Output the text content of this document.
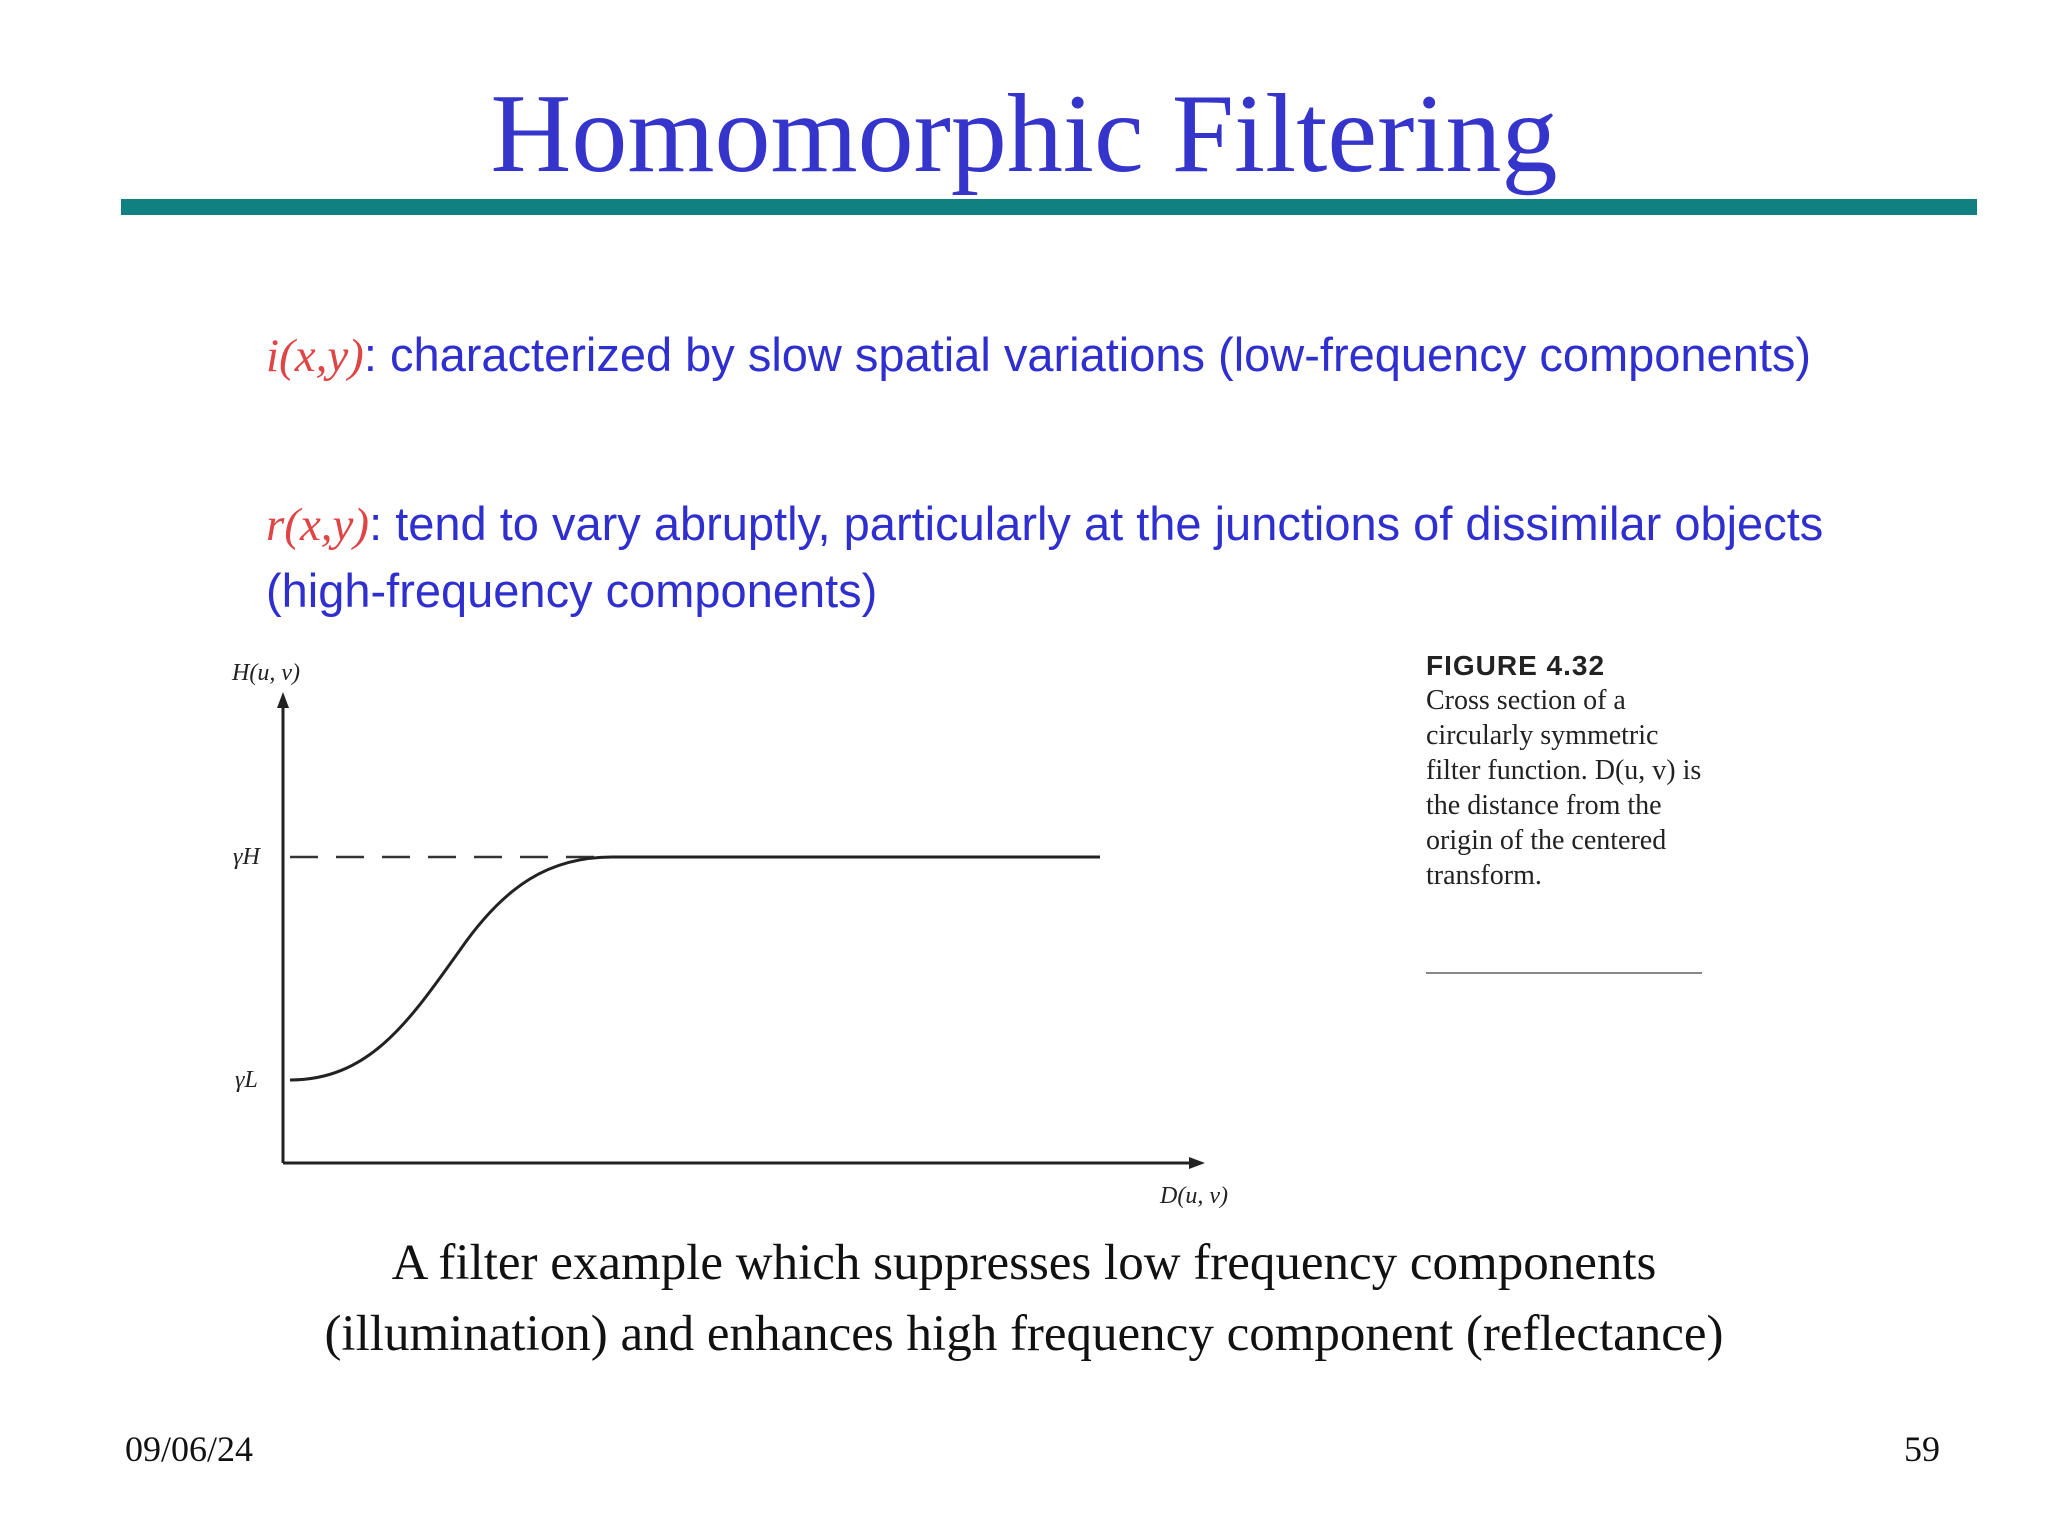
Homomorphic Filtering
i(x,y): characterized by slow spatial variations (low-frequency components)
r(x,y): tend to vary abruptly, particularly at the junctions of dissimilar objects (high-frequency components)
H(u, v)
D(u, v)
γH
γL
FIGURE 4.32
Cross section of a circularly symmetric filter function. D(u, v) is the distance from the origin of the centered transform.
A filter example which suppresses low frequency components
(illumination) and enhances high frequency component (reflectance)
09/06/24	59
